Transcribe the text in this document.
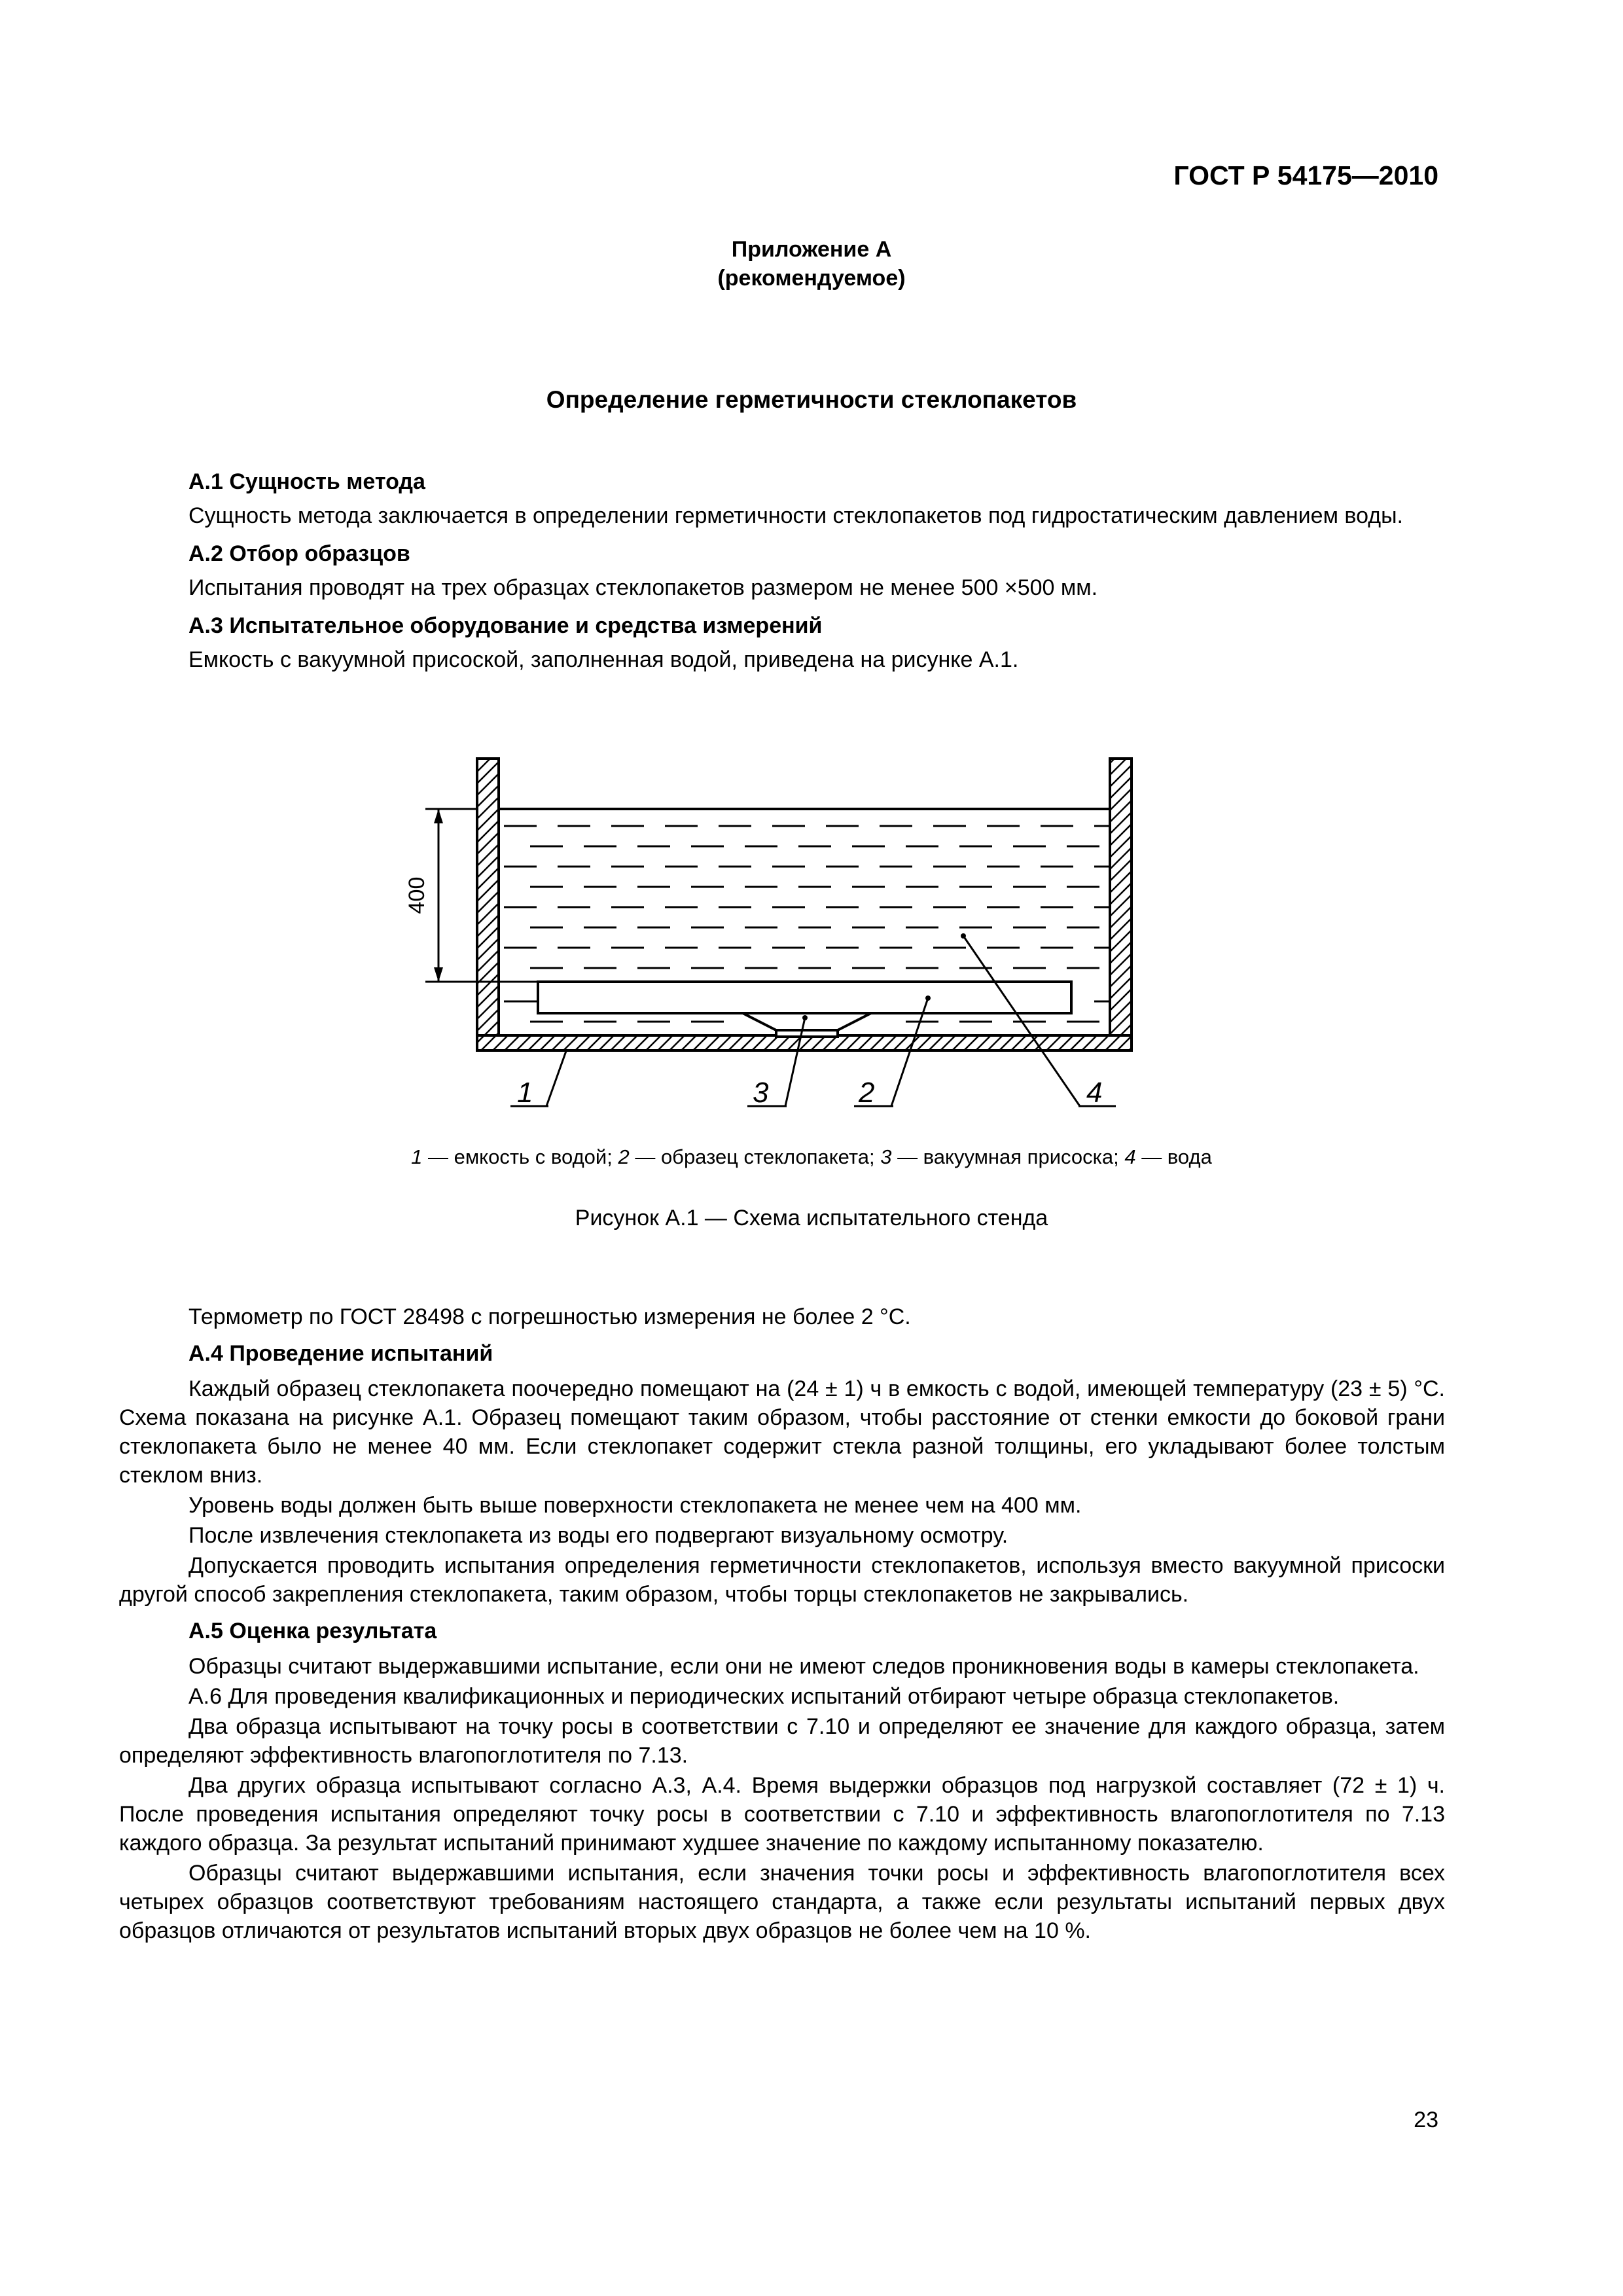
ГОСТ Р 54175—2010
Приложение А
(рекомендуемое)
Определение герметичности стеклопакетов
А.1 Сущность метода

Сущность метода заключается в определении герметичности стеклопакетов под гидростатическим давлением воды.

А.2 Отбор образцов

Испытания проводят на трех образцах стеклопакетов размером не менее 500 ×500 мм.

А.3 Испытательное оборудование и средства измерений

Емкость с вакуумной присоской, заполненная водой, приведена на рисунке А.1.

400
1	3	2	4
1 — емкость с водой; 2 — образец стеклопакета; 3 — вакуумная присоска; 4 — вода
Рисунок А.1 — Схема испытательного стенда

Термометр по ГОСТ 28498 с погрешностью измерения не более 2 °С.

А.4 Проведение испытаний

Каждый образец стеклопакета поочередно помещают на (24 ± 1) ч в емкость с водой, имеющей температуру (23 ± 5) °С. Схема показана на рисунке А.1. Образец помещают таким образом, чтобы расстояние от стенки емкости до боковой грани стеклопакета было не менее 40 мм. Если стеклопакет содержит стекла разной толщины, его укладывают более толстым стеклом вниз.

Уровень воды должен быть выше поверхности стеклопакета не менее чем на 400 мм.

После извлечения стеклопакета из воды его подвергают визуальному осмотру.

Допускается проводить испытания определения герметичности стеклопакетов, используя вместо вакуумной присоски другой способ закрепления стеклопакета, таким образом, чтобы торцы стеклопакетов не закрывались.

А.5 Оценка результата

Образцы считают выдержавшими испытание, если они не имеют следов проникновения воды в камеры стеклопакета.

А.6 Для проведения квалификационных и периодических испытаний отбирают четыре образца стеклопакетов.

Два образца испытывают на точку росы в соответствии с 7.10 и определяют ее значение для каждого образца, затем определяют эффективность влагопоглотителя по 7.13.

Два других образца испытывают согласно А.3, А.4. Время выдержки образцов под нагрузкой составляет (72 ± 1) ч. После проведения испытания определяют точку росы в соответствии с 7.10 и эффективность влагопоглотителя по 7.13 каждого образца. За результат испытаний принимают худшее значение по каждому испытанному показателю.

Образцы считают выдержавшими испытания, если значения точки росы и эффективность влагопоглотителя всех четырех образцов соответствуют требованиям настоящего стандарта, а также если результаты испытаний первых двух образцов отличаются от результатов испытаний вторых двух образцов не более чем на 10 %.

23
